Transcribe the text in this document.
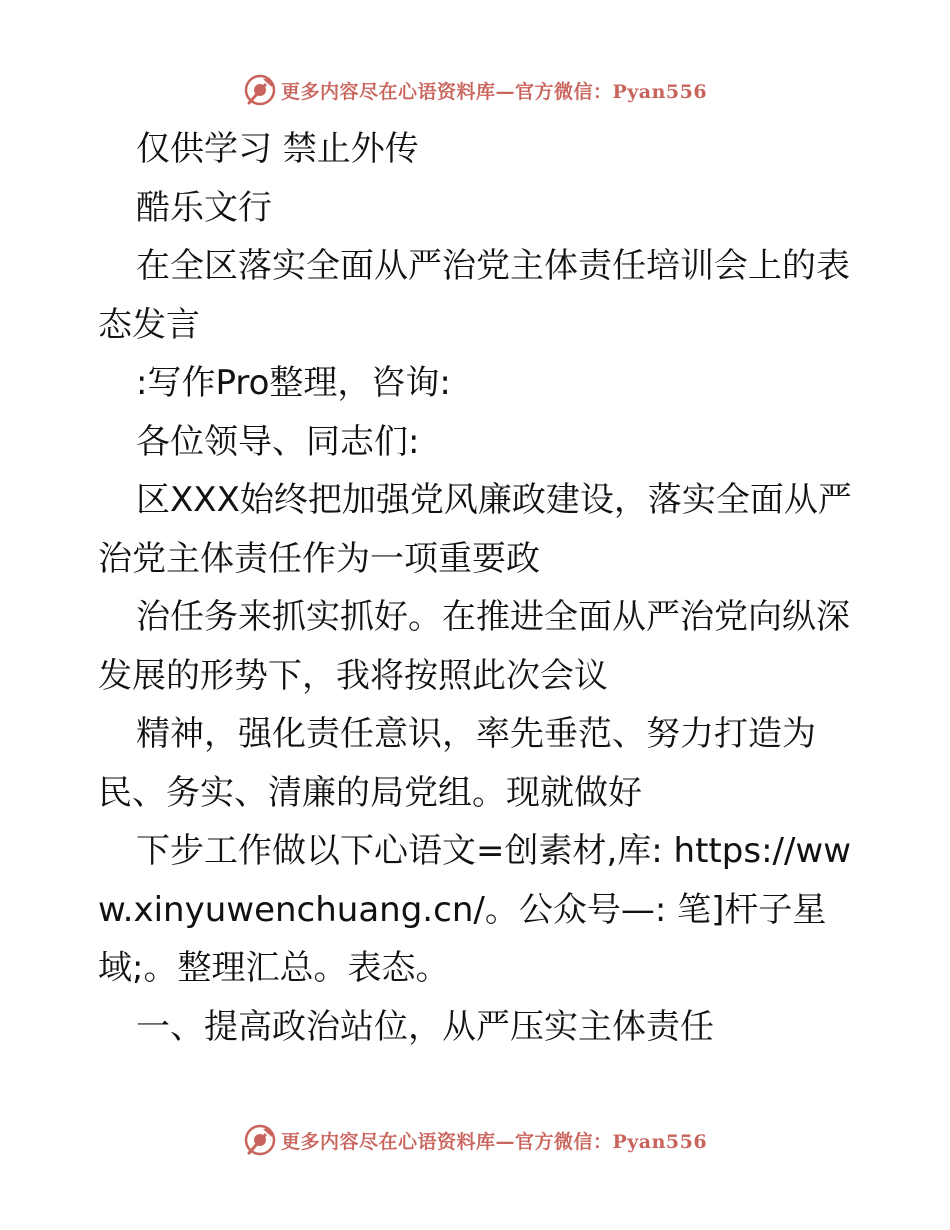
更多内容尽在心语资料库—官方微信：Pyan556

仅供学习 禁止外传

酷乐文行

在全区落实全面从严治党主体责任培训会上的表态发言

:写作Pro整理，咨询:

各位领导、同志们:

区XXX始终把加强党风廉政建设，落实全面从严治党主体责任作为一项重要政

治任务来抓实抓好。在推进全面从严治党向纵深发展的形势下，我将按照此次会议

精神，强化责任意识，率先垂范、努力打造为民、务实、清廉的局党组。现就做好

下步工作做以下心语文=创素材,库: https://www.xinyuwenchuang.cn/。公众号—: 笔]杆子星域;。整理汇总。表态。

一、提高政治站位，从严压实主体责任

更多内容尽在心语资料库—官方微信：Pyan556
